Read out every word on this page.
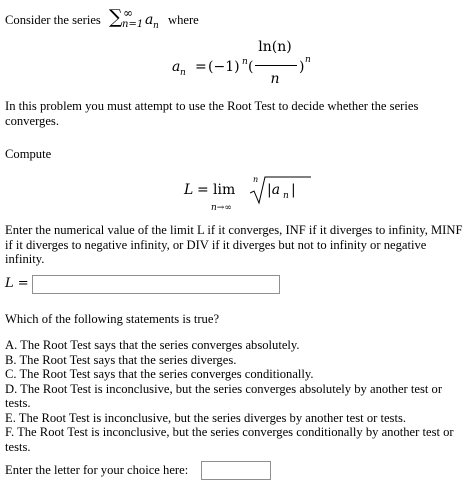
Consider the series ∑ ∞
n=1 a n where
a n = (−1) n (
ln(n)
n
) n
In this problem you must attempt to use the Root Test to decide whether the series converges.
Compute
L = lim
n→∞
n
|a n |
Enter the numerical value of the limit L if it converges, INF if it diverges to infinity, MINF if it diverges to negative infinity, or DIV if it diverges but not to infinity or negative infinity.
L =
Which of the following statements is true?
A. The Root Test says that the series converges absolutely.
B. The Root Test says that the series diverges.
C. The Root Test says that the series converges conditionally.
D. The Root Test is inconclusive, but the series converges absolutely by another test or tests.
E. The Root Test is inconclusive, but the series diverges by another test or tests.
F. The Root Test is inconclusive, but the series converges conditionally by another test or tests.
Enter the letter for your choice here:
